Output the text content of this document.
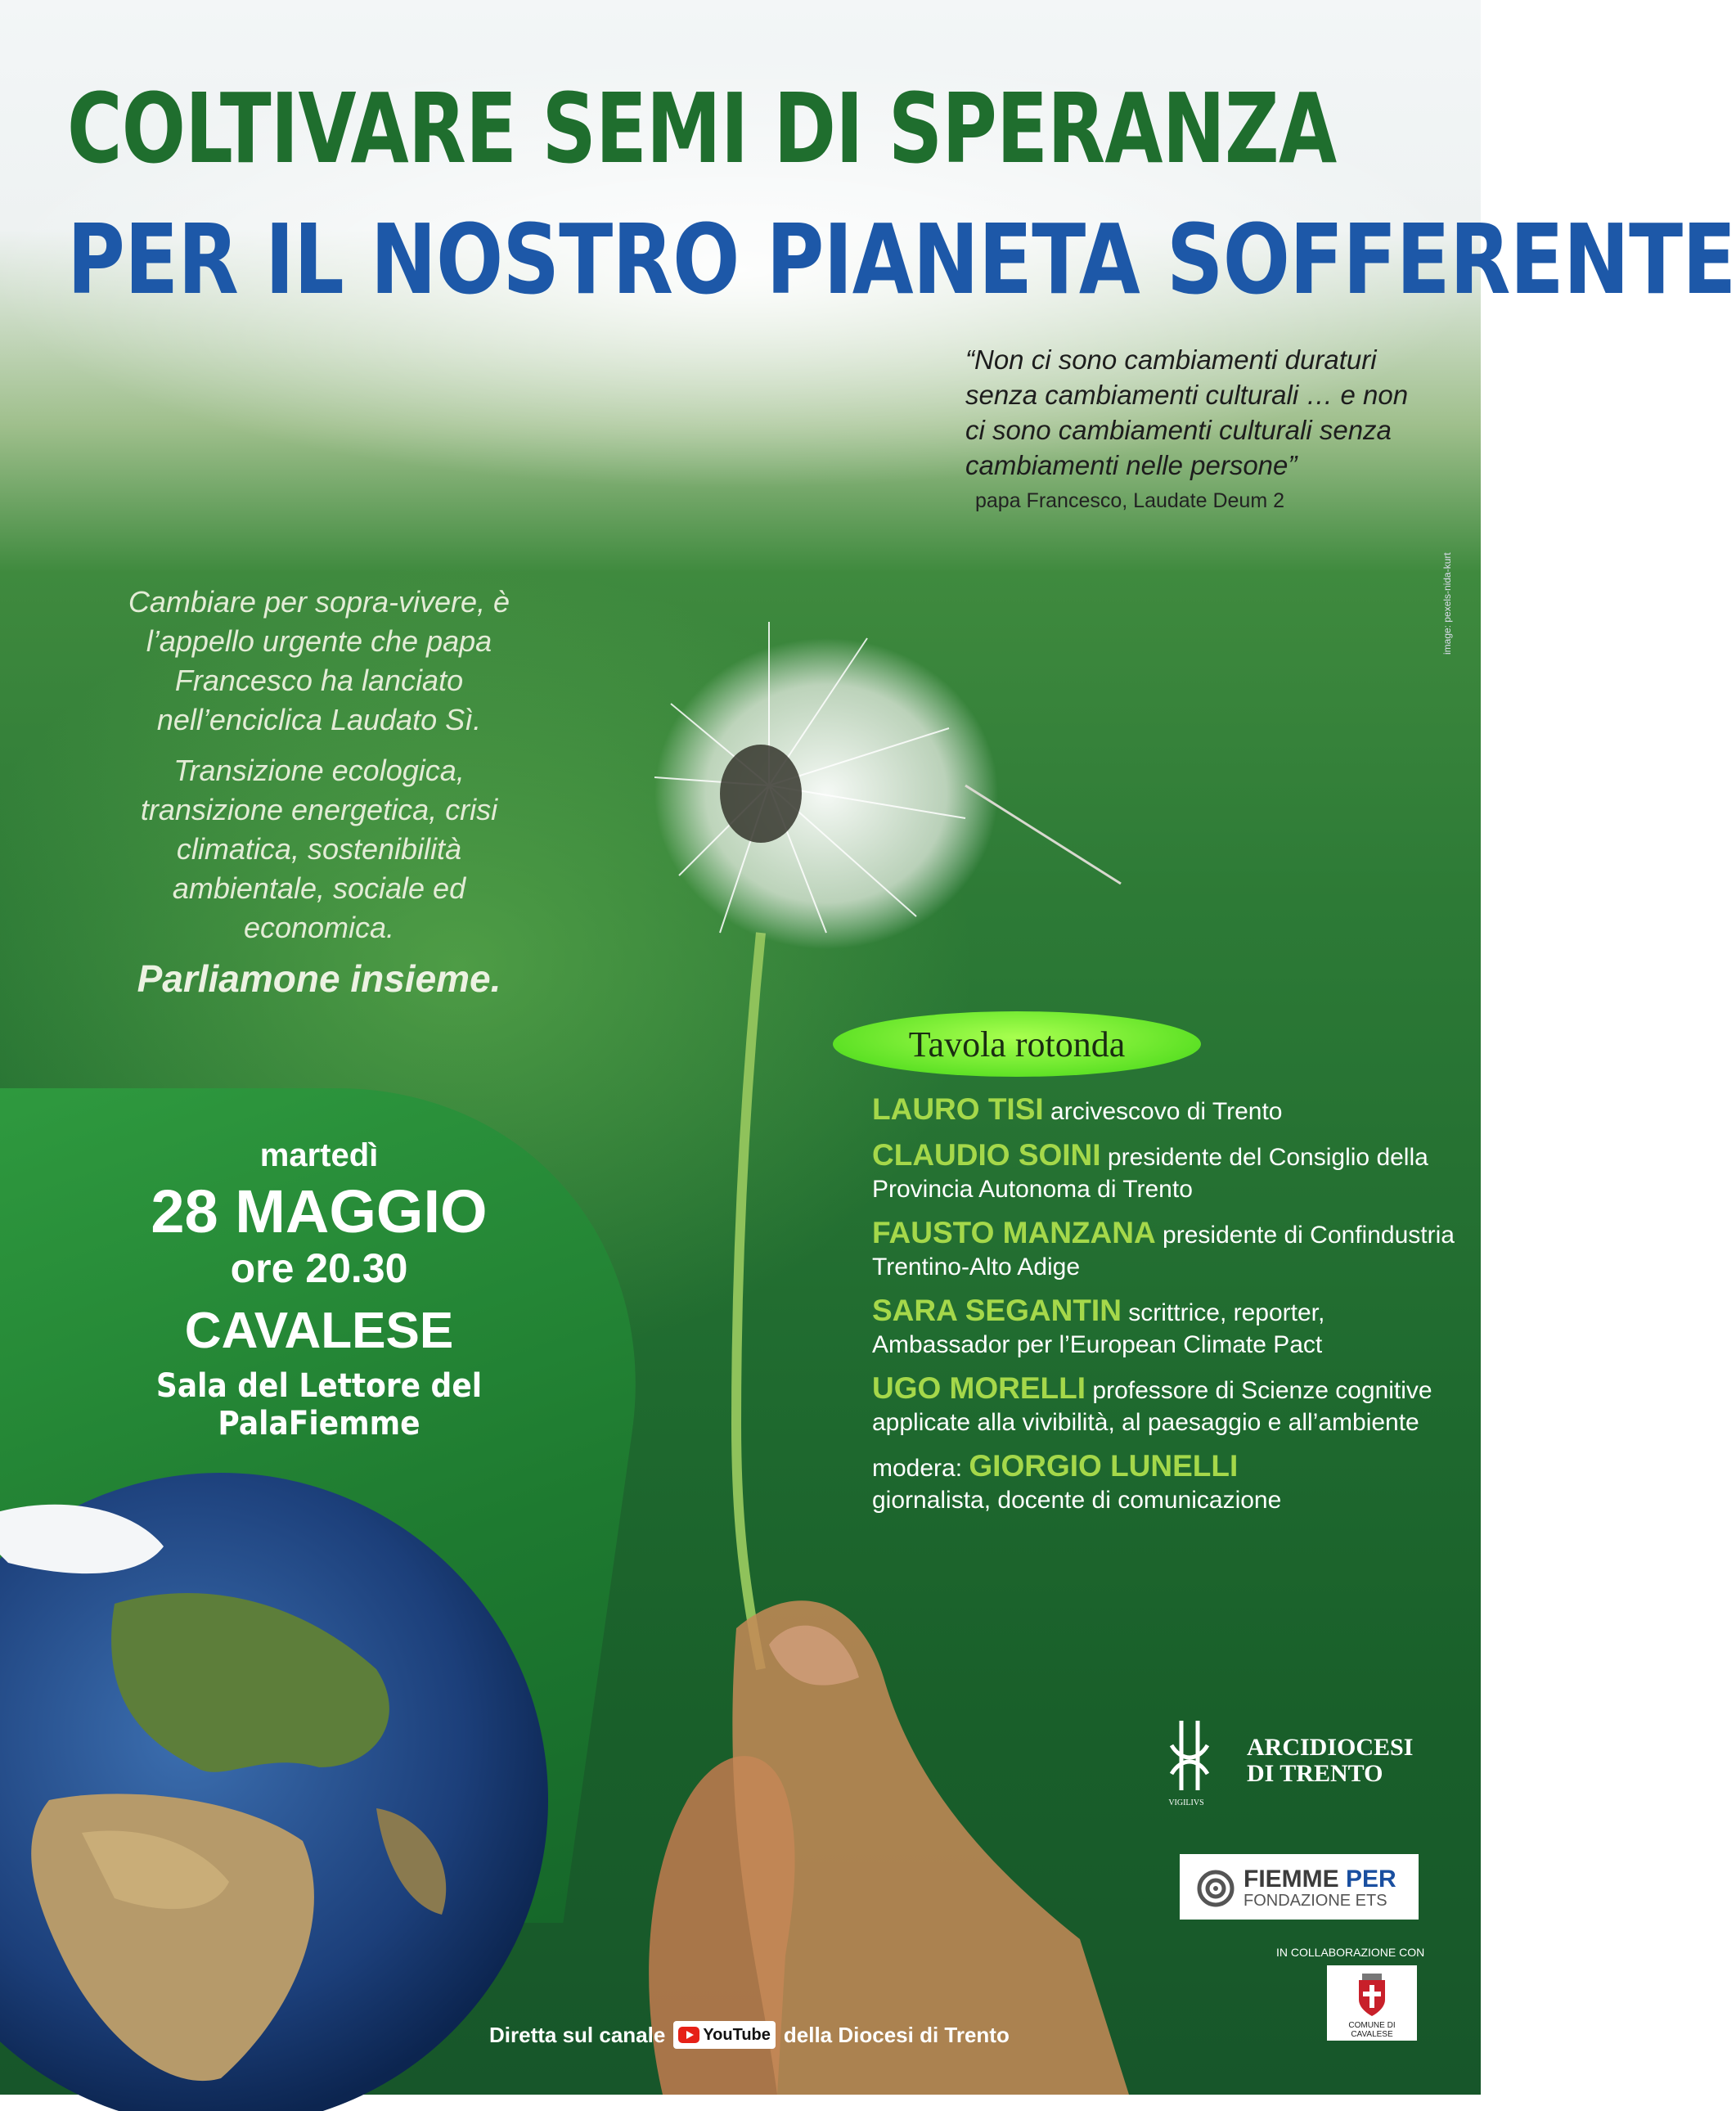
COLTIVARE SEMI DI SPERANZA
PER IL NOSTRO PIANETA SOFFERENTE
“Non ci sono cambiamenti duraturi senza cambiamenti culturali … e non ci sono cambiamenti culturali senza cambiamenti nelle persone”
papa Francesco, Laudate Deum 2

Cambiare per sopra-vivere, è l’appello urgente che papa Francesco ha lanciato nell’enciclica Laudato Sì.

Transizione ecologica, transizione energetica, crisi climatica, sostenibilità ambientale, sociale ed economica.

Parliamone insieme.

image: pexels-nida-kurt
martedì
28 MAGGIO
ore 20.30
CAVALESE
Sala del Lettore del PalaFiemme
Tavola rotonda
LAURO TISI arcivescovo di Trento
CLAUDIO SOINI presidente del Consiglio della Provincia Autonoma di Trento
FAUSTO MANZANA presidente di Confindustria Trentino-Alto Adige
SARA SEGANTIN scrittrice, reporter, Ambassador per l’European Climate Pact
UGO MORELLI professore di Scienze cognitive applicate alla vivibilità, al paesaggio e all’ambiente
modera: GIORGIO LUNELLI
giornalista, docente di comunicazione
VIGILIVS
ARCIDIOCESI
DI TRENTO
FIEMME PER
FONDAZIONE ETS
IN COLLABORAZIONE CON
COMUNE DI CAVALESE
Diretta sul canale YouTube della Diocesi di Trento
